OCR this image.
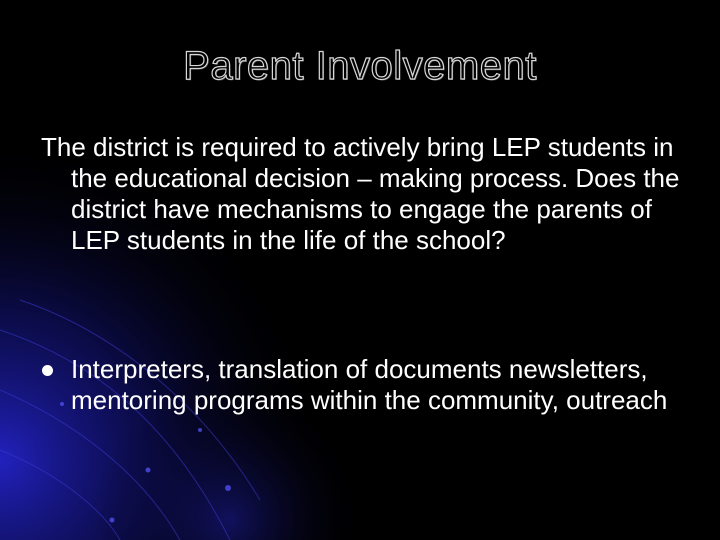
Parent Involvement
The district is required to actively bring LEP students in the educational decision – making process. Does the district have mechanisms to engage the parents of LEP students in the life of the school?
Interpreters, translation of documents newsletters, mentoring programs within the community, outreach
